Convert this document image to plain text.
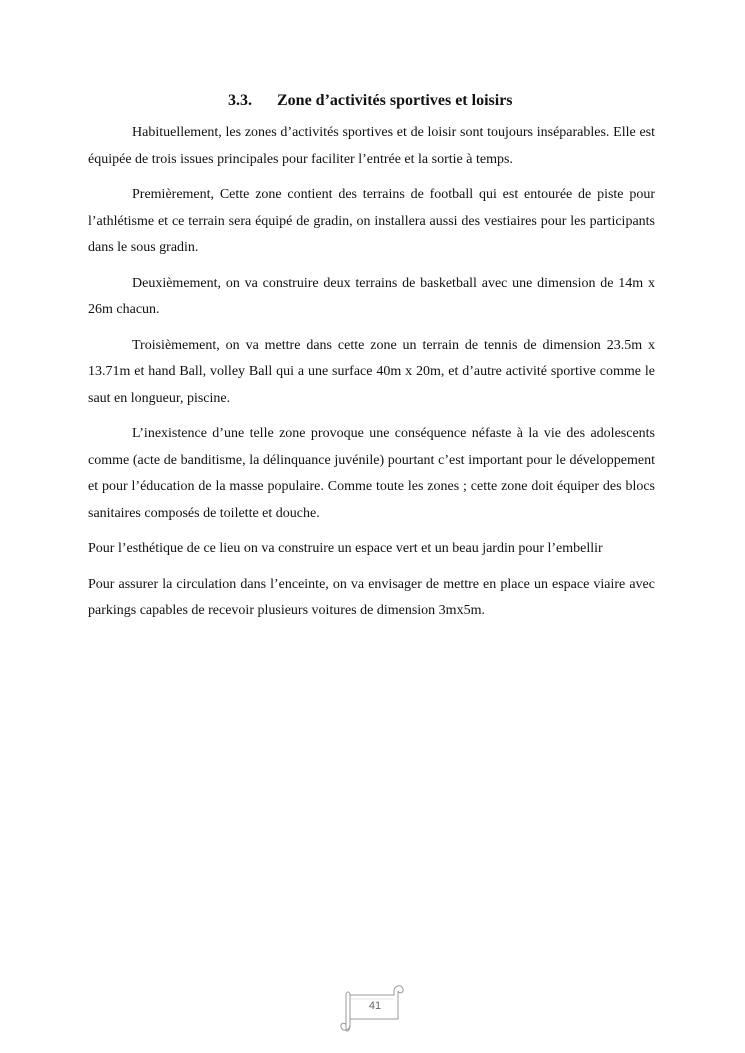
3.3. Zone d’activités sportives et loisirs

Habituellement, les zones d’activités sportives et de loisir sont toujours inséparables. Elle est équipée de trois issues principales pour faciliter l’entrée et la sortie à temps.

Premièrement, Cette zone contient des terrains de football qui est entourée de piste pour l’athlétisme et ce terrain sera équipé de gradin, on installera aussi des vestiaires pour les participants dans le sous gradin.

Deuxièmement, on va construire deux terrains de basketball avec une dimension de 14m x 26m chacun.

Troisièmement, on va mettre dans cette zone un terrain de tennis de dimension 23.5m x 13.71m et hand Ball, volley Ball qui a une surface 40m x 20m, et d’autre activité sportive comme le saut en longueur, piscine.

L’inexistence d’une telle zone provoque une conséquence néfaste à la vie des adolescents comme (acte de banditisme, la délinquance juvénile) pourtant c’est important pour le développement et pour l’éducation de la masse populaire. Comme toute les zones ; cette zone doit équiper des blocs sanitaires composés de toilette et douche.

Pour l’esthétique de ce lieu on va construire un espace vert et un beau jardin pour l’embellir

Pour assurer la circulation dans l’enceinte, on va envisager de mettre en place un espace viaire avec parkings capables de recevoir plusieurs voitures de dimension 3mx5m.

41
